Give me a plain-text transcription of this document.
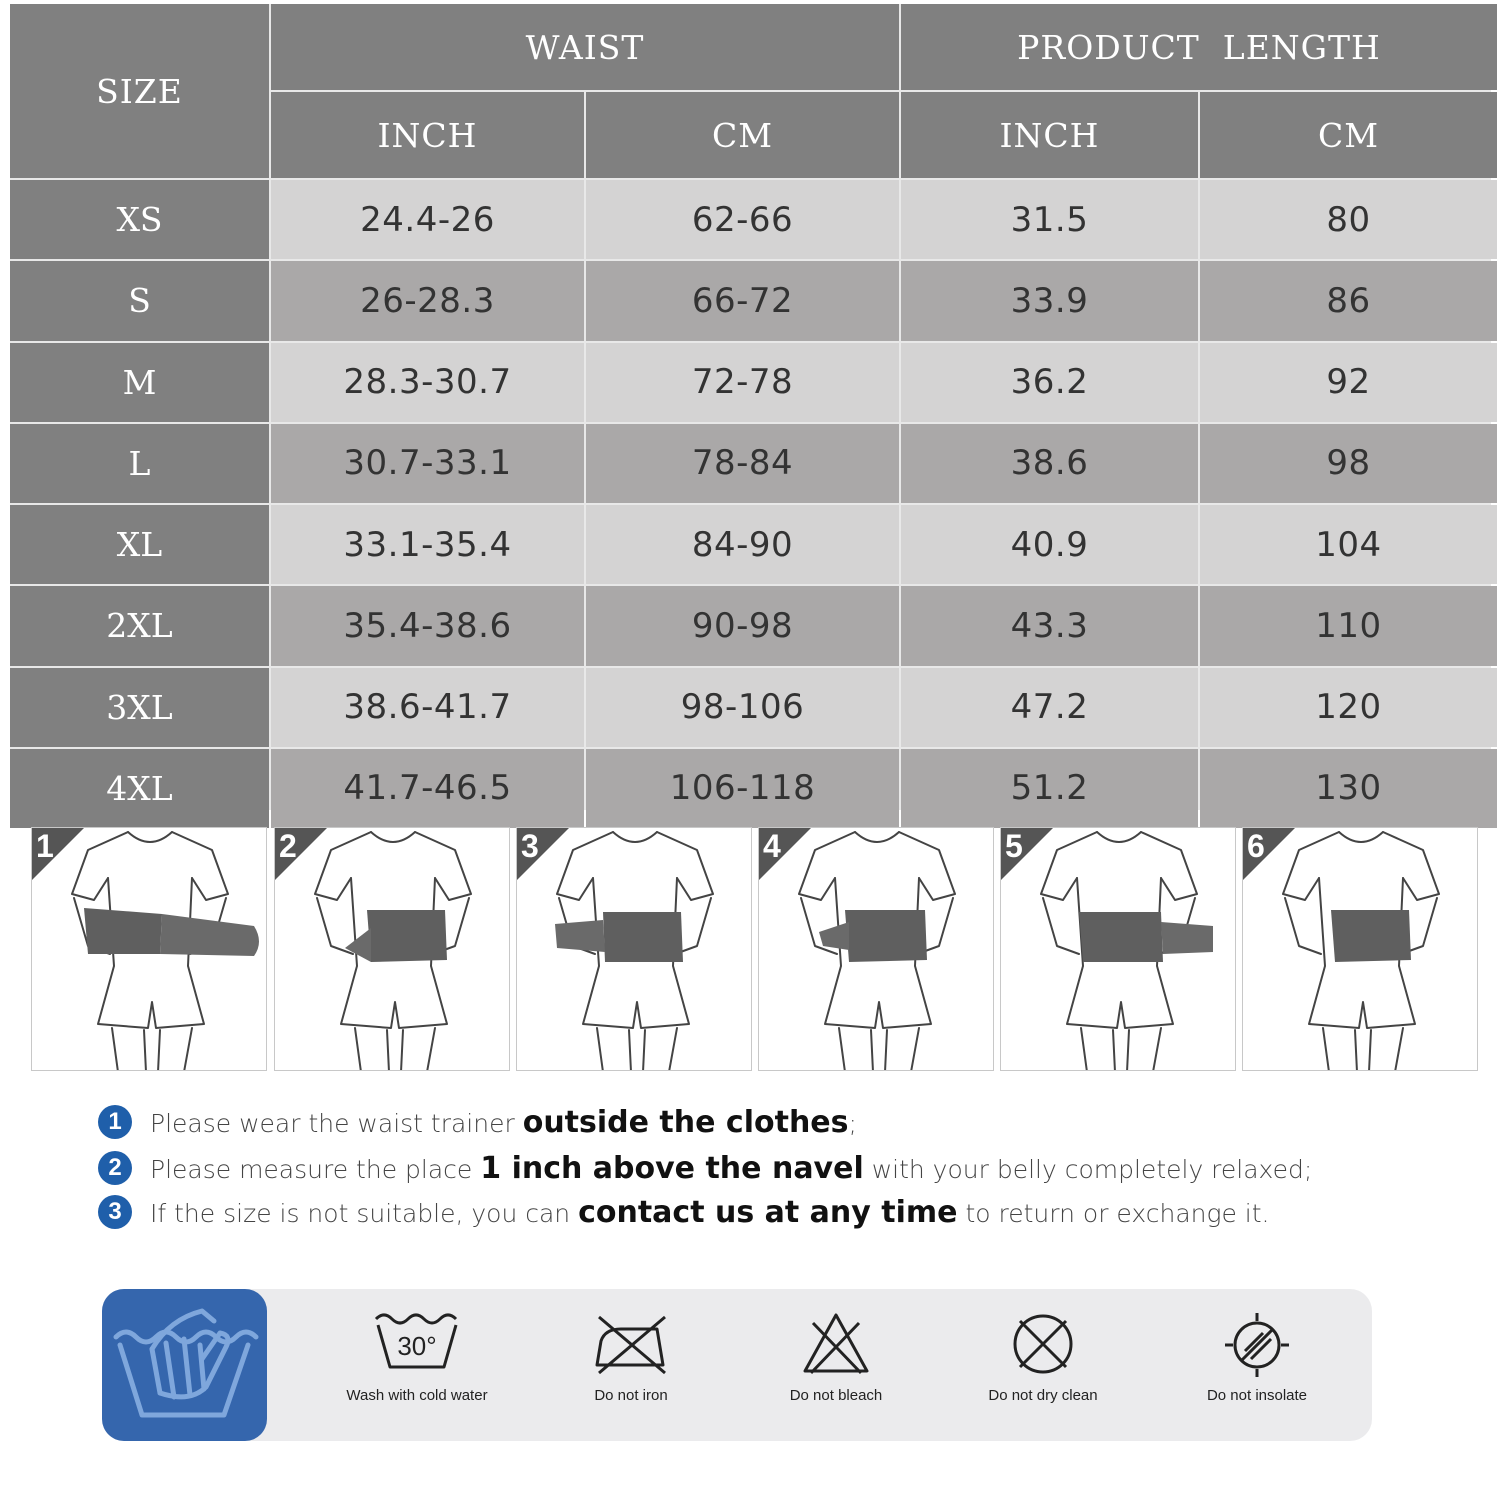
SIZE
WAIST	PRODUCT  LENGTH
INCH	CM	INCH	CM
XS	24.4-26	62-66	31.5	80
S	26-28.3	66-72	33.9	86
M	28.3-30.7	72-78	36.2	92
L	30.7-33.1	78-84	38.6	98
XL	33.1-35.4	84-90	40.9	104
2XL	35.4-38.6	90-98	43.3	110
3XL	38.6-41.7	98-106	47.2	120
4XL	41.7-46.5	106-118	51.2	130
1	2	3	4	5	6
1	Please wear the waist trainer outside the clothes;
2	Please measure the place 1 inch above the navel with your belly completely relaxed;
3	If the size is not suitable, you can contact us at any time to return or exchange it.
30°
Wash with cold water	Do not iron	Do not bleach	Do not dry clean	Do not insolate
